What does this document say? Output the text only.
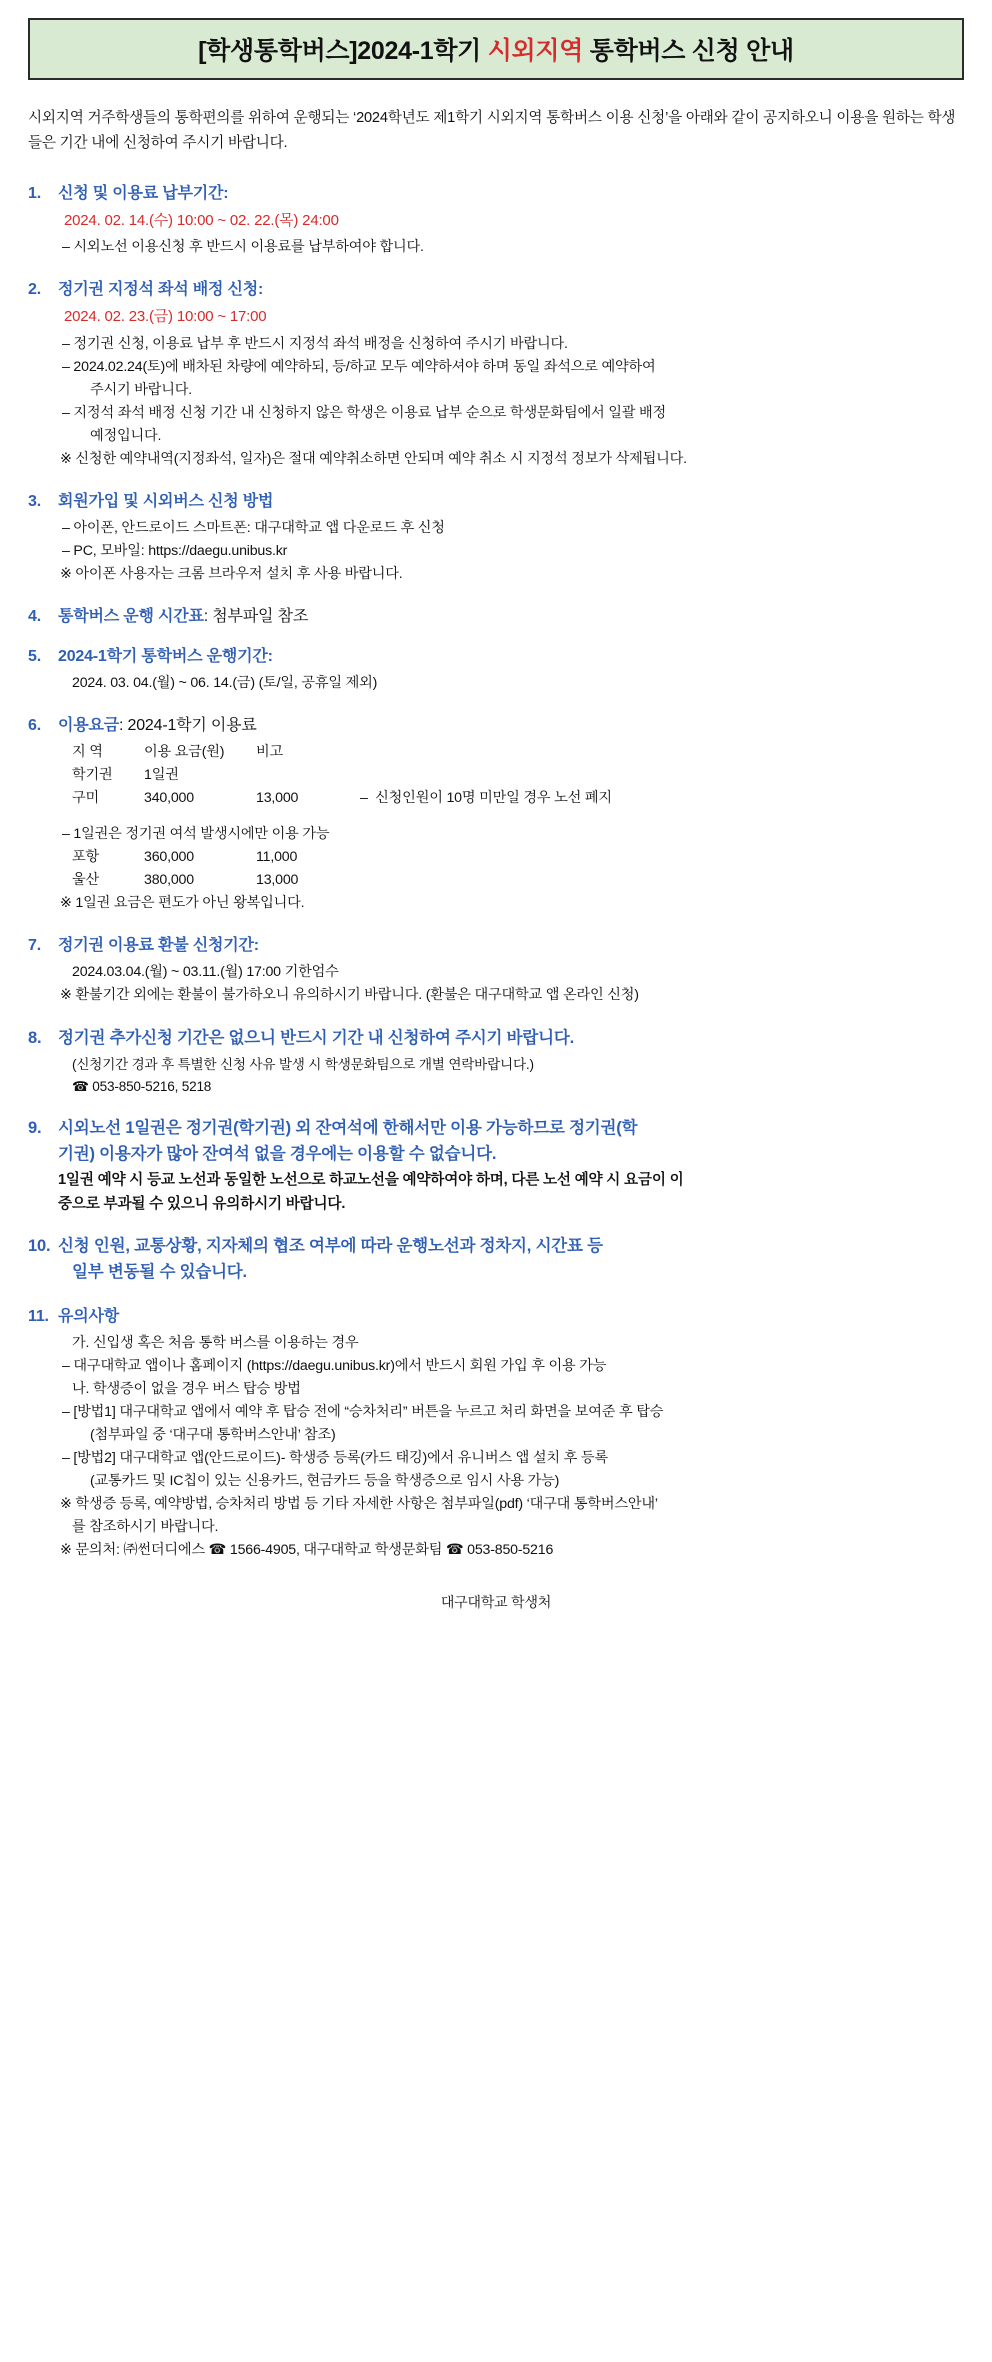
[학생통학버스]2024-1학기 시외지역 통학버스 신청 안내

시외지역 거주학생들의 통학편의를 위하여 운행되는 ‘2024학년도 제1학기 시외지역 통학버스 이용 신청’을 아래와 같이 공지하오니 이용을 원하는 학생들은 기간 내에 신청하여 주시기 바랍니다.

1.	신청 및 이용료 납부기간:
2024. 02. 14.(수) 10:00 ~ 02. 22.(목) 24:00
– 시외노선 이용신청 후 반드시 이용료를 납부하여야 합니다.
2.	정기권 지정석 좌석 배정 신청:
2024. 02. 23.(금) 10:00 ~ 17:00
– 정기권 신청, 이용료 납부 후 반드시 지정석 좌석 배정을 신청하여 주시기 바랍니다.
– 2024.02.24(토)에 배차된 차량에 예약하되, 등/하교 모두 예약하셔야 하며 동일 좌석으로 예약하여
주시기 바랍니다.
– 지정석 좌석 배정 신청 기간 내 신청하지 않은 학생은 이용료 납부 순으로 학생문화팀에서 일괄 배정
예정입니다.
※ 신청한 예약내역(지정좌석, 일자)은 절대 예약취소하면 안되며 예약 취소 시 지정석 정보가 삭제됩니다.
3.	회원가입 및 시외버스 신청 방법
– 아이폰, 안드로이드 스마트폰: 대구대학교 앱 다운로드 후 신청
– PC, 모바일: https://daegu.unibus.kr
※ 아이폰 사용자는 크롬 브라우저 설치 후 사용 바랍니다.
4.	통학버스 운행 시간표 : 첨부파일 참조
5.	2024-1학기 통학버스 운행기간:
2024. 03. 04.(월) ~ 06. 14.(금) (토/일, 공휴일 제외)
6.	이용요금 : 2024-1학기 이용료
지 역	이용 요금(원) 비고
학기권 1일권
구미	340,000	13,000	–  신청인원이 10명 미만일 경우 노선 폐지
– 1일권은 정기권 여석 발생시에만 이용 가능
포항	360,000	11,000
울산	380,000	13,000
※ 1일권 요금은 편도가 아닌 왕복입니다.
7.	정기권 이용료 환불 신청기간:
2024.03.04.(월) ~ 03.11.(월) 17:00 기한엄수
※ 환불기간 외에는 환불이 불가하오니 유의하시기 바랍니다. (환불은 대구대학교 앱 온라인 신청)
8.	정기권 추가신청 기간은 없으니 반드시 기간 내 신청하여 주시기 바랍니다.
(신청기간 경과 후 특별한 신청 사유 발생 시 학생문화팀으로 개별 연락바랍니다.)
☎ 053-850-5216, 5218
9.	시외노선 1일권은 정기권(학기권) 외 잔여석에 한해서만 이용 가능하므로 정기권(학
기권) 이용자가 많아 잔여석 없을 경우에는 이용할 수 없습니다.
1일권 예약 시 등교 노선과 동일한 노선으로 하교노선을 예약하여야 하며, 다른 노선 예약 시 요금이 이
중으로 부과될 수 있으니 유의하시기 바랍니다.
10. 신청 인원, 교통상황, 지자체의 협조 여부에 따라 운행노선과 정차지, 시간표 등
일부 변동될 수 있습니다.
11. 유의사항
가. 신입생 혹은 처음 통학 버스를 이용하는 경우
– 대구대학교 앱이나 홈페이지 (https://daegu.unibus.kr)에서 반드시 회원 가입 후 이용 가능
나. 학생증이 없을 경우 버스 탑승 방법
– [방법1] 대구대학교 앱에서 예약 후 탑승 전에 “승차처리” 버튼을 누르고 처리 화면을 보여준 후 탑승
(첨부파일 중 ‘대구대 통학버스안내’ 참조)
– [방법2] 대구대학교 앱(안드로이드)- 학생증 등록(카드 태깅)에서 유니버스 앱 설치 후 등록
(교통카드 및 IC칩이 있는 신용카드, 현금카드 등을 학생증으로 임시 사용 가능)
※ 학생증 등록, 예약방법, 승차처리 방법 등 기타 자세한 사항은 첨부파일(pdf) ‘대구대 통학버스안내’
를 참조하시기 바랍니다.
※ 문의처: ㈜썬더디에스 ☎ 1566-4905, 대구대학교 학생문화팀 ☎ 053-850-5216
대구대학교 학생처
